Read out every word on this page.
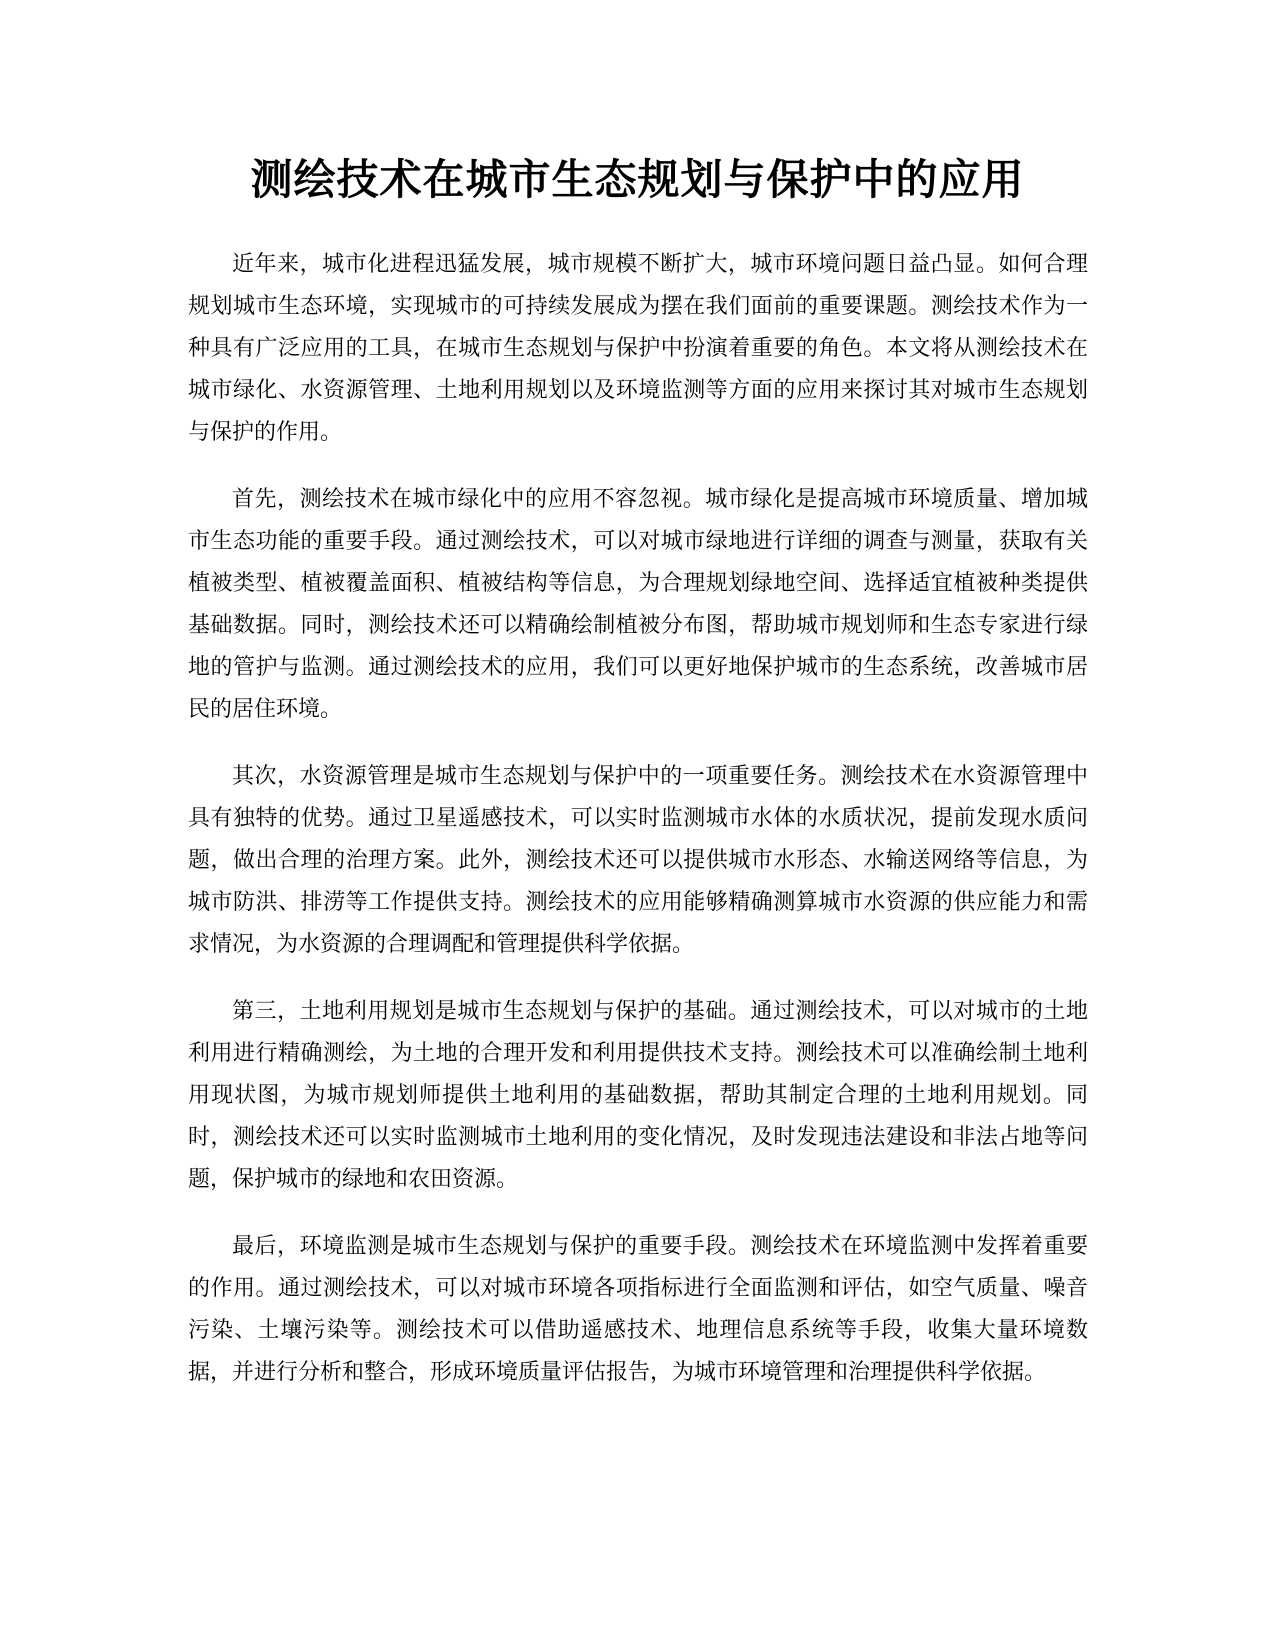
测绘技术在城市生态规划与保护中的应用

近年来，城市化进程迅猛发展，城市规模不断扩大，城市环境问题日益凸显。如何合理规划城市生态环境，实现城市的可持续发展成为摆在我们面前的重要课题。测绘技术作为一种具有广泛应用的工具，在城市生态规划与保护中扮演着重要的角色。本文将从测绘技术在城市绿化、水资源管理、土地利用规划以及环境监测等方面的应用来探讨其对城市生态规划与保护的作用。

首先，测绘技术在城市绿化中的应用不容忽视。城市绿化是提高城市环境质量、增加城市生态功能的重要手段。通过测绘技术，可以对城市绿地进行详细的调查与测量，获取有关植被类型、植被覆盖面积、植被结构等信息，为合理规划绿地空间、选择适宜植被种类提供基础数据。同时，测绘技术还可以精确绘制植被分布图，帮助城市规划师和生态专家进行绿地的管护与监测。通过测绘技术的应用，我们可以更好地保护城市的生态系统，改善城市居民的居住环境。

其次，水资源管理是城市生态规划与保护中的一项重要任务。测绘技术在水资源管理中具有独特的优势。通过卫星遥感技术，可以实时监测城市水体的水质状况，提前发现水质问题，做出合理的治理方案。此外，测绘技术还可以提供城市水形态、水输送网络等信息，为城市防洪、排涝等工作提供支持。测绘技术的应用能够精确测算城市水资源的供应能力和需求情况，为水资源的合理调配和管理提供科学依据。

第三，土地利用规划是城市生态规划与保护的基础。通过测绘技术，可以对城市的土地利用进行精确测绘，为土地的合理开发和利用提供技术支持。测绘技术可以准确绘制土地利用现状图，为城市规划师提供土地利用的基础数据，帮助其制定合理的土地利用规划。同时，测绘技术还可以实时监测城市土地利用的变化情况，及时发现违法建设和非法占地等问题，保护城市的绿地和农田资源。

最后，环境监测是城市生态规划与保护的重要手段。测绘技术在环境监测中发挥着重要的作用。通过测绘技术，可以对城市环境各项指标进行全面监测和评估，如空气质量、噪音污染、土壤污染等。测绘技术可以借助遥感技术、地理信息系统等手段，收集大量环境数据，并进行分析和整合，形成环境质量评估报告，为城市环境管理和治理提供科学依据。
